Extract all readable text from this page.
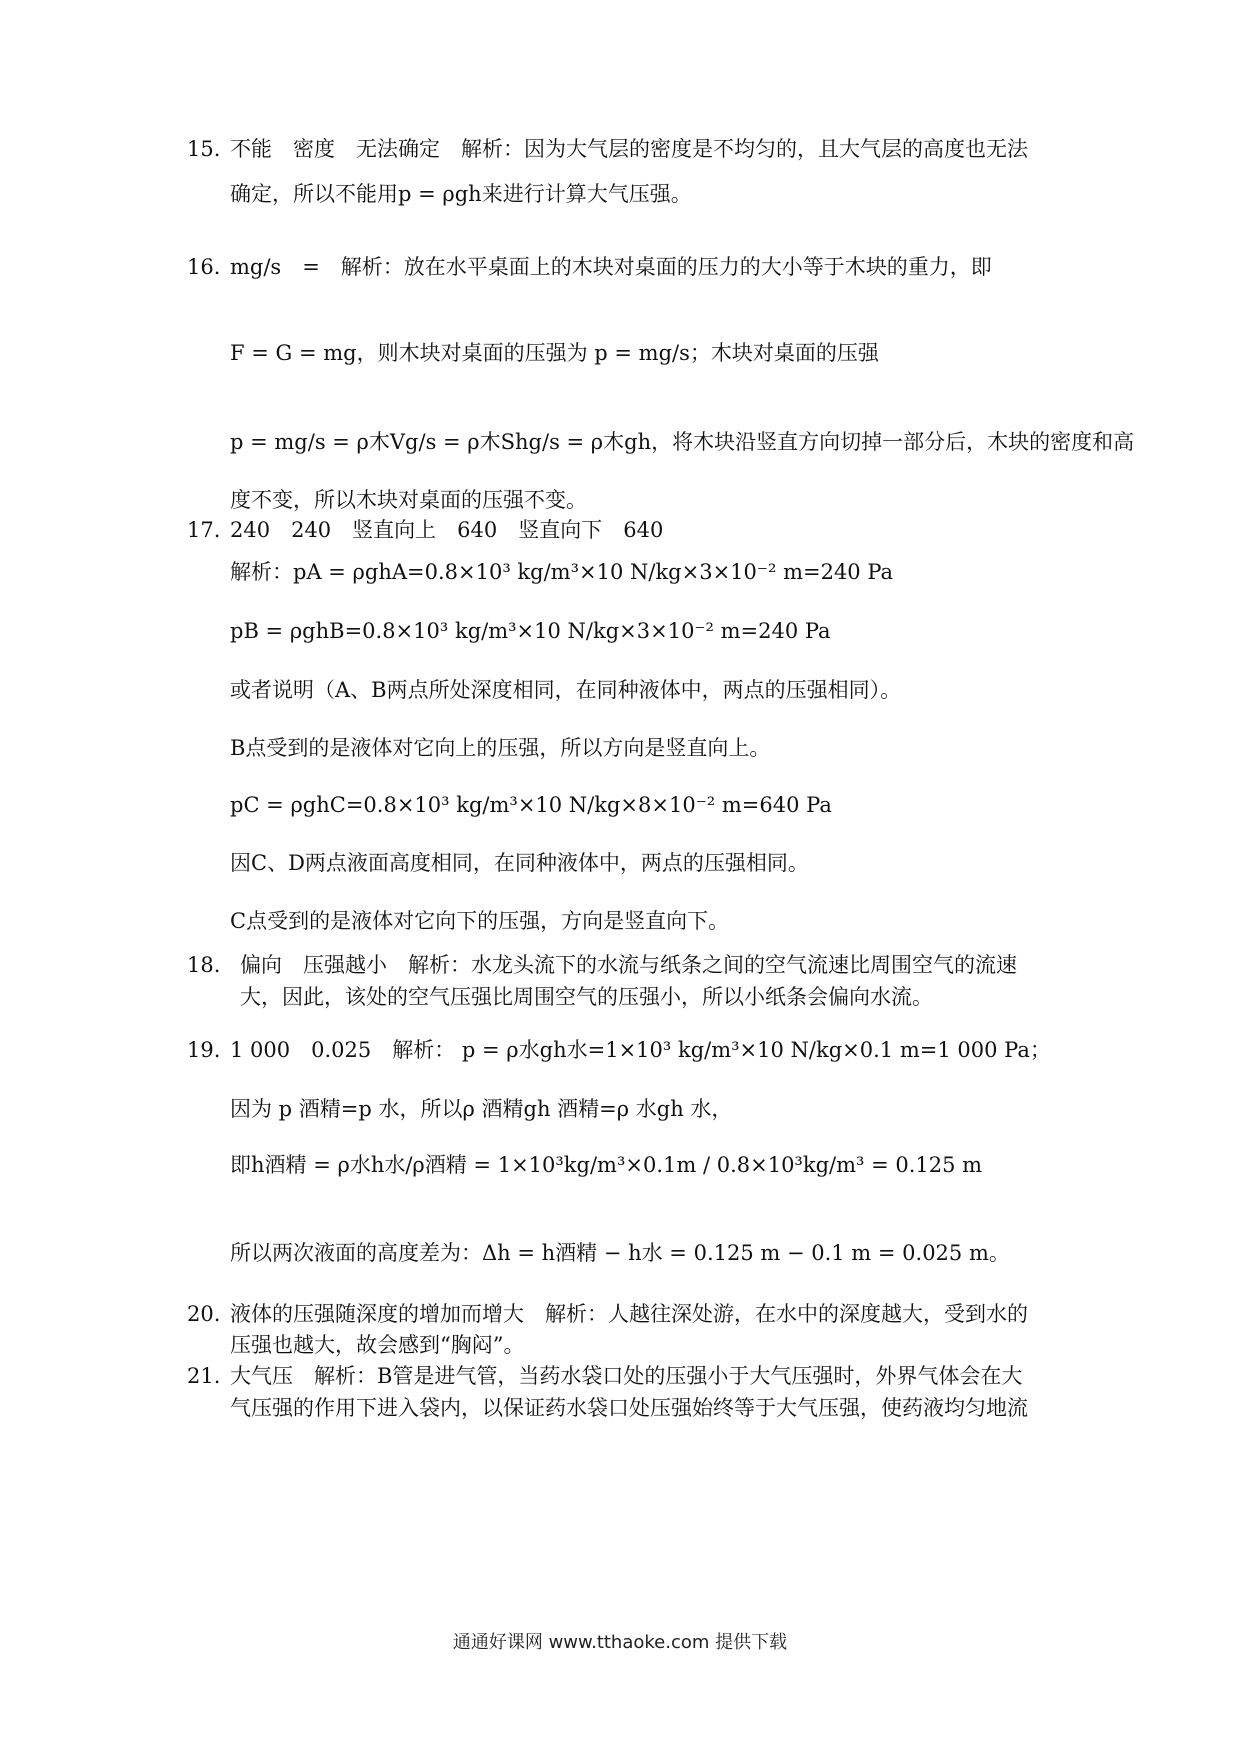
15. 不能　密度　无法确定　解析：因为大气层的密度是不均匀的，且大气层的高度也无法
确定，所以不能用p = ρgh来进行计算大气压强。
16. mg/s　=　解析：放在水平桌面上的木块对桌面的压力的大小等于木块的重力，即
F = G = mg，则木块对桌面的压强为 p = mg/s；木块对桌面的压强
p = mg/s = ρ木Vg/s = ρ木Shg/s = ρ木gh，将木块沿竖直方向切掉一部分后，木块的密度和高
度不变，所以木块对桌面的压强不变。
17. 240　240　竖直向上　640　竖直向下　640
解析：pA = ρghA=0.8×10³ kg/m³×10 N/kg×3×10⁻² m=240 Pa
pB = ρghB=0.8×10³ kg/m³×10 N/kg×3×10⁻² m=240 Pa
或者说明（A、B两点所处深度相同，在同种液体中，两点的压强相同）。
B点受到的是液体对它向上的压强，所以方向是竖直向上。
pC = ρghC=0.8×10³ kg/m³×10 N/kg×8×10⁻² m=640 Pa
因C、D两点液面高度相同，在同种液体中，两点的压强相同。
C点受到的是液体对它向下的压强，方向是竖直向下。
18. 偏向　压强越小　解析：水龙头流下的水流与纸条之间的空气流速比周围空气的流速
大，因此，该处的空气压强比周围空气的压强小，所以小纸条会偏向水流。
19. 1 000　0.025　解析： p = ρ水gh水=1×10³ kg/m³×10 N/kg×0.1 m=1 000 Pa；
因为 p 酒精=p 水，所以ρ 酒精gh 酒精=ρ 水gh 水，
即h酒精 = ρ水h水/ρ酒精 = 1×10³kg/m³×0.1m / 0.8×10³kg/m³ = 0.125 m
所以两次液面的高度差为：Δh = h酒精 − h水 = 0.125 m − 0.1 m = 0.025 m。
20. 液体的压强随深度的增加而增大　解析：人越往深处游，在水中的深度越大，受到水的
压强也越大，故会感到“胸闷”。
21. 大气压　解析：B管是进气管，当药水袋口处的压强小于大气压强时，外界气体会在大
气压强的作用下进入袋内，以保证药水袋口处压强始终等于大气压强，使药液均匀地流
通通好课网 www.tthaoke.com 提供下载
